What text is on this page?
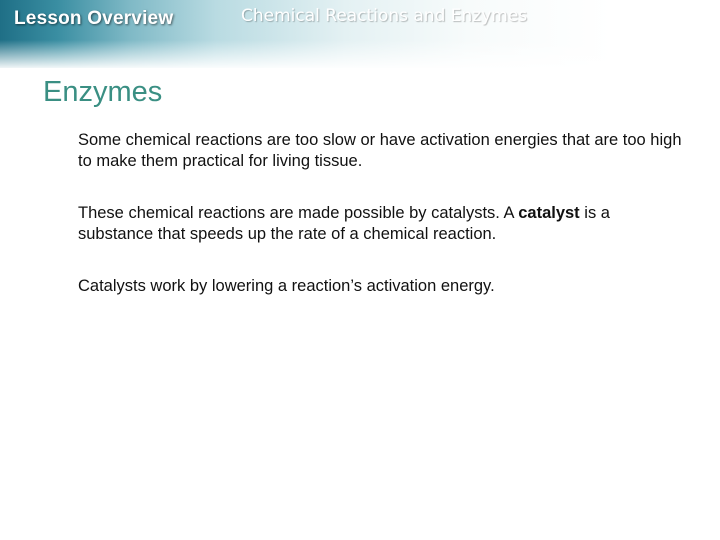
Lesson Overview	Chemical Reactions and Enzymes
Enzymes

Some chemical reactions are too slow or have activation energies that are too high to make them practical for living tissue.

These chemical reactions are made possible by catalysts. A catalyst is a substance that speeds up the rate of a chemical reaction.

Catalysts work by lowering a reaction’s activation energy.
